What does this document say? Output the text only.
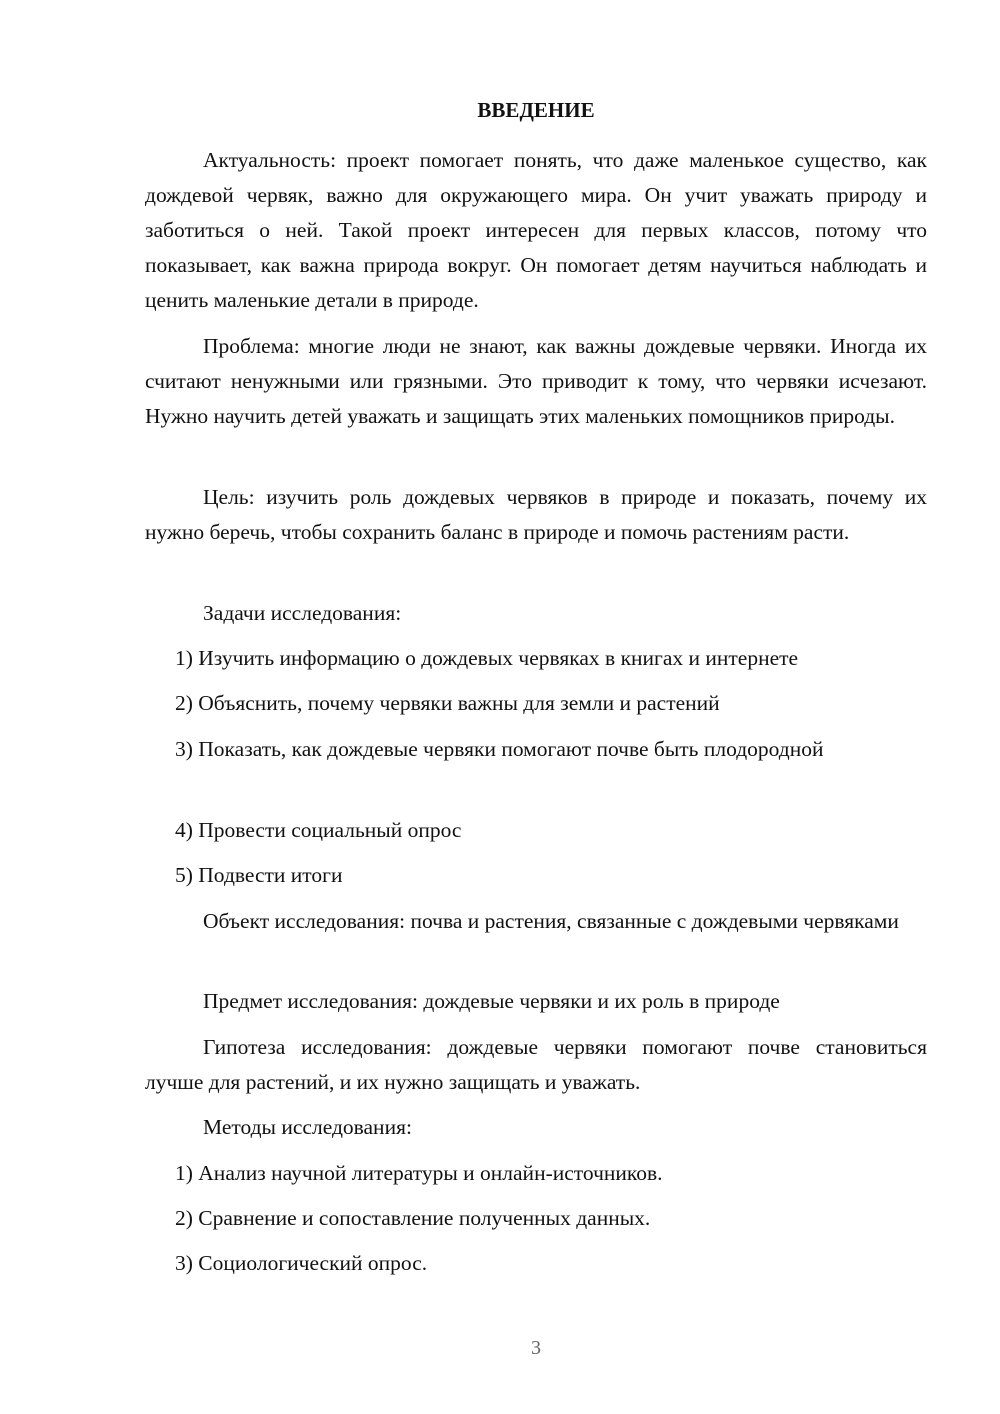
ВВЕДЕНИЕ

Актуальность: проект помогает понять, что даже маленькое существо, как дождевой червяк, важно для окружающего мира. Он учит уважать природу и заботиться о ней. Такой проект интересен для первых классов, потому что показывает, как важна природа вокруг. Он помогает детям научиться наблюдать и ценить маленькие детали в природе.

Проблема: многие люди не знают, как важны дождевые червяки. Иногда их считают ненужными или грязными. Это приводит к тому, что червяки исчезают. Нужно научить детей уважать и защищать этих маленьких помощников природы.

Цель: изучить роль дождевых червяков в природе и показать, почему их нужно беречь, чтобы сохранить баланс в природе и помочь растениям расти.

Задачи исследования:

1) Изучить информацию о дождевых червяках в книгах и интернете

2) Объяснить, почему червяки важны для земли и растений

3) Показать, как дождевые червяки помогают почве быть плодородной

4) Провести социальный опрос

5) Подвести итоги

Объект исследования: почва и растения, связанные с дождевыми червяками

Предмет исследования: дождевые червяки и их роль в природе

Гипотеза исследования: дождевые червяки помогают почве становиться лучше для растений, и их нужно защищать и уважать.

Методы исследования:

1) Анализ научной литературы и онлайн-источников.

2) Сравнение и сопоставление полученных данных.

3) Социологический опрос.

3
